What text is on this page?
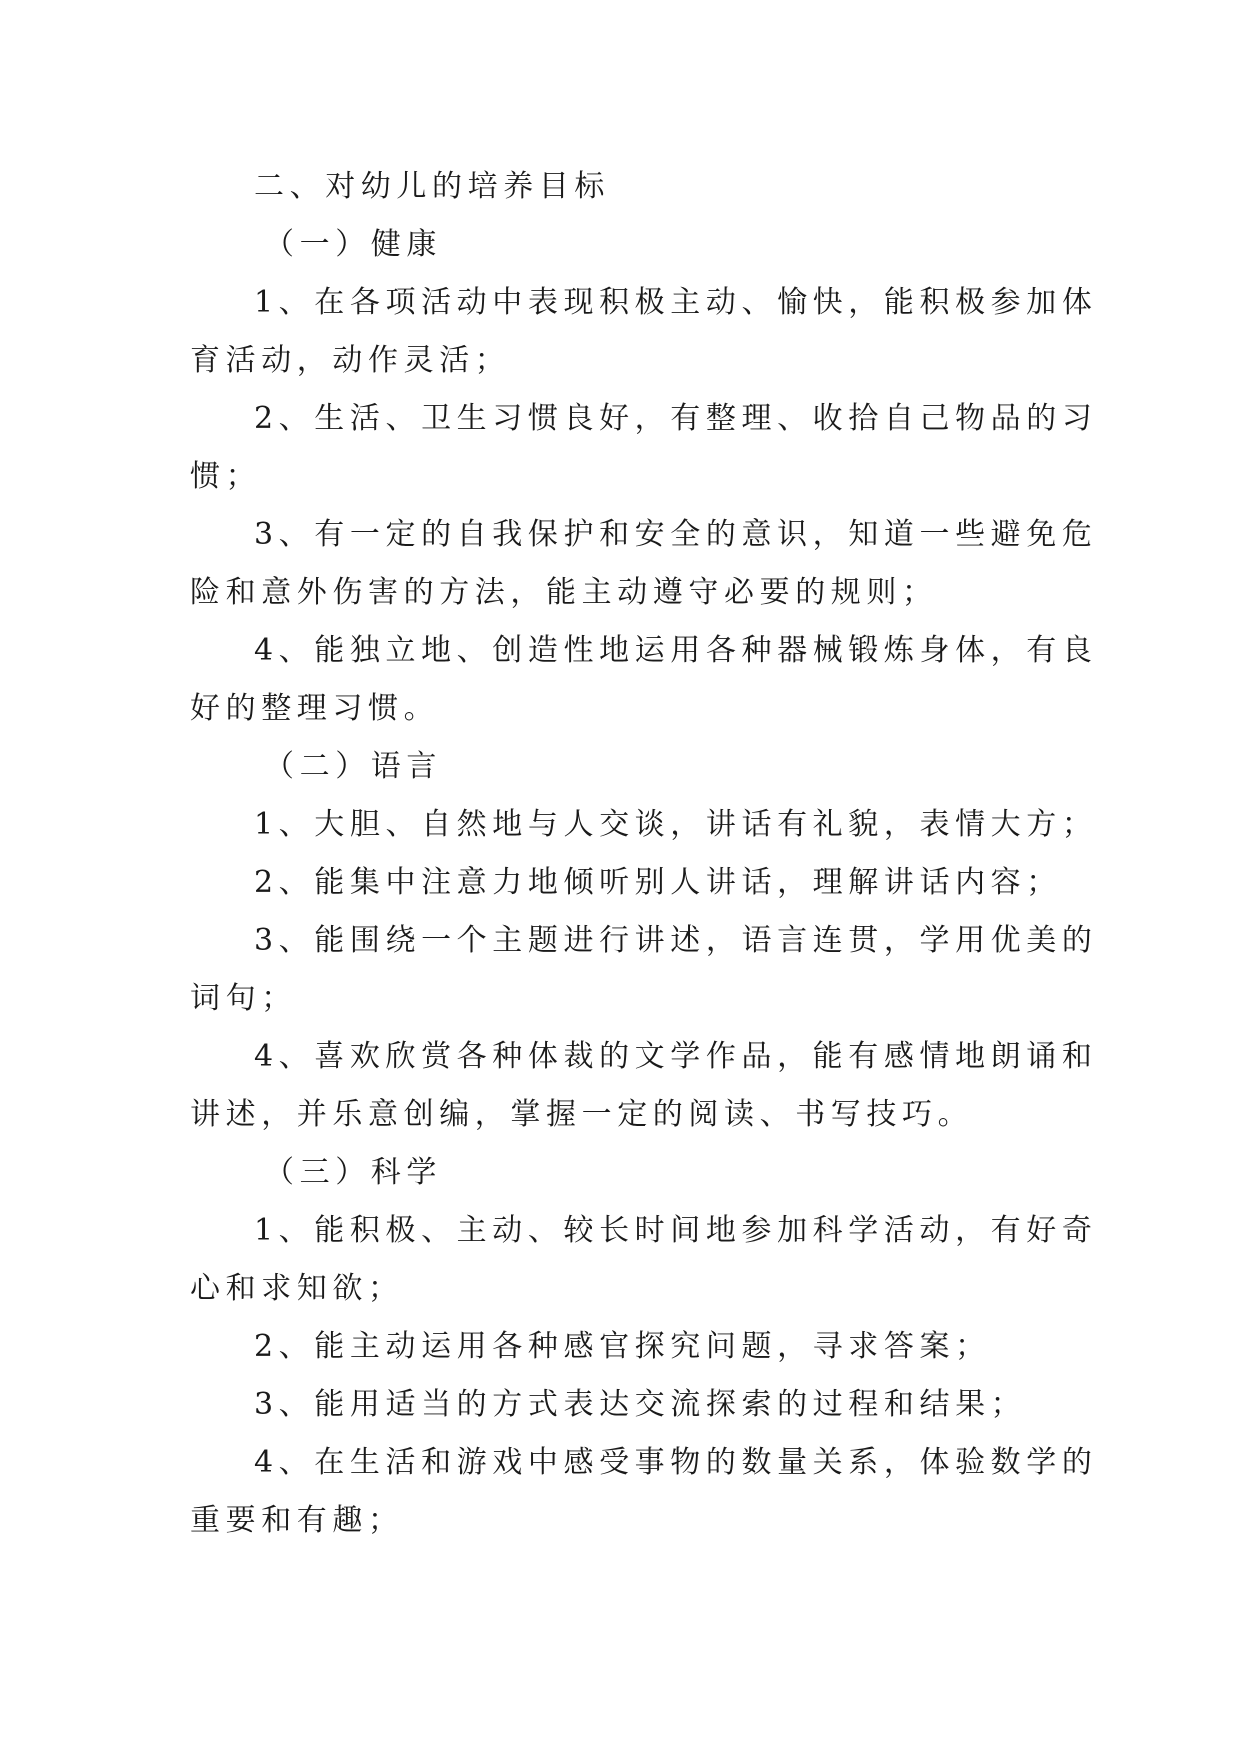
二、对幼儿的培养目标
（一）健康
1、在各项活动中表现积极主动、愉快，能积极参加体
育活动，动作灵活；
2、生活、卫生习惯良好，有整理、收拾自己物品的习
惯；
3、有一定的自我保护和安全的意识，知道一些避免危
险和意外伤害的方法，能主动遵守必要的规则；
4、能独立地、创造性地运用各种器械锻炼身体，有良
好的整理习惯。
（二）语言
1、大胆、自然地与人交谈，讲话有礼貌，表情大方；
2、能集中注意力地倾听别人讲话，理解讲话内容；
3、能围绕一个主题进行讲述，语言连贯，学用优美的
词句；
4、喜欢欣赏各种体裁的文学作品，能有感情地朗诵和
讲述，并乐意创编，掌握一定的阅读、书写技巧。
（三）科学
1、能积极、主动、较长时间地参加科学活动，有好奇
心和求知欲；
2、能主动运用各种感官探究问题，寻求答案；
3、能用适当的方式表达交流探索的过程和结果；
4、在生活和游戏中感受事物的数量关系，体验数学的
重要和有趣；
